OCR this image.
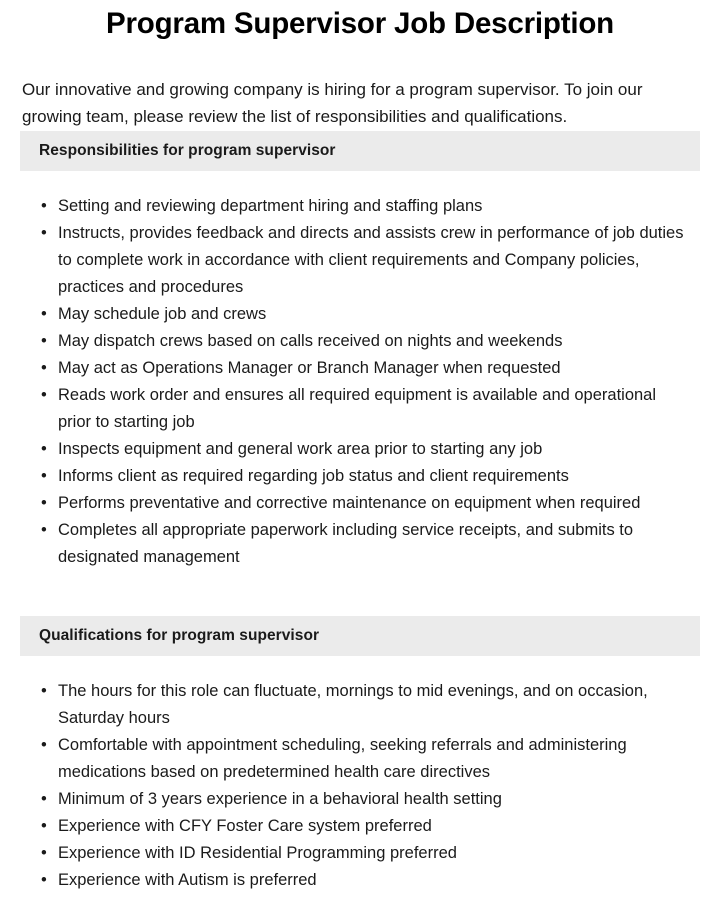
Program Supervisor Job Description

Our innovative and growing company is hiring for a program supervisor. To join our growing team, please review the list of responsibilities and qualifications.

Responsibilities for program supervisor
• Setting and reviewing department hiring and staffing plans
• Instructs, provides feedback and directs and assists crew in performance of job duties to complete work in accordance with client requirements and Company policies, practices and procedures
• May schedule job and crews
• May dispatch crews based on calls received on nights and weekends
• May act as Operations Manager or Branch Manager when requested
• Reads work order and ensures all required equipment is available and operational prior to starting job
• Inspects equipment and general work area prior to starting any job
• Informs client as required regarding job status and client requirements
• Performs preventative and corrective maintenance on equipment when required
• Completes all appropriate paperwork including service receipts, and submits to designated management
Qualifications for program supervisor
• The hours for this role can fluctuate, mornings to mid evenings, and on occasion, Saturday hours
• Comfortable with appointment scheduling, seeking referrals and administering medications based on predetermined health care directives
• Minimum of 3 years experience in a behavioral health setting
• Experience with CFY Foster Care system preferred
• Experience with ID Residential Programming preferred
• Experience with Autism is preferred
